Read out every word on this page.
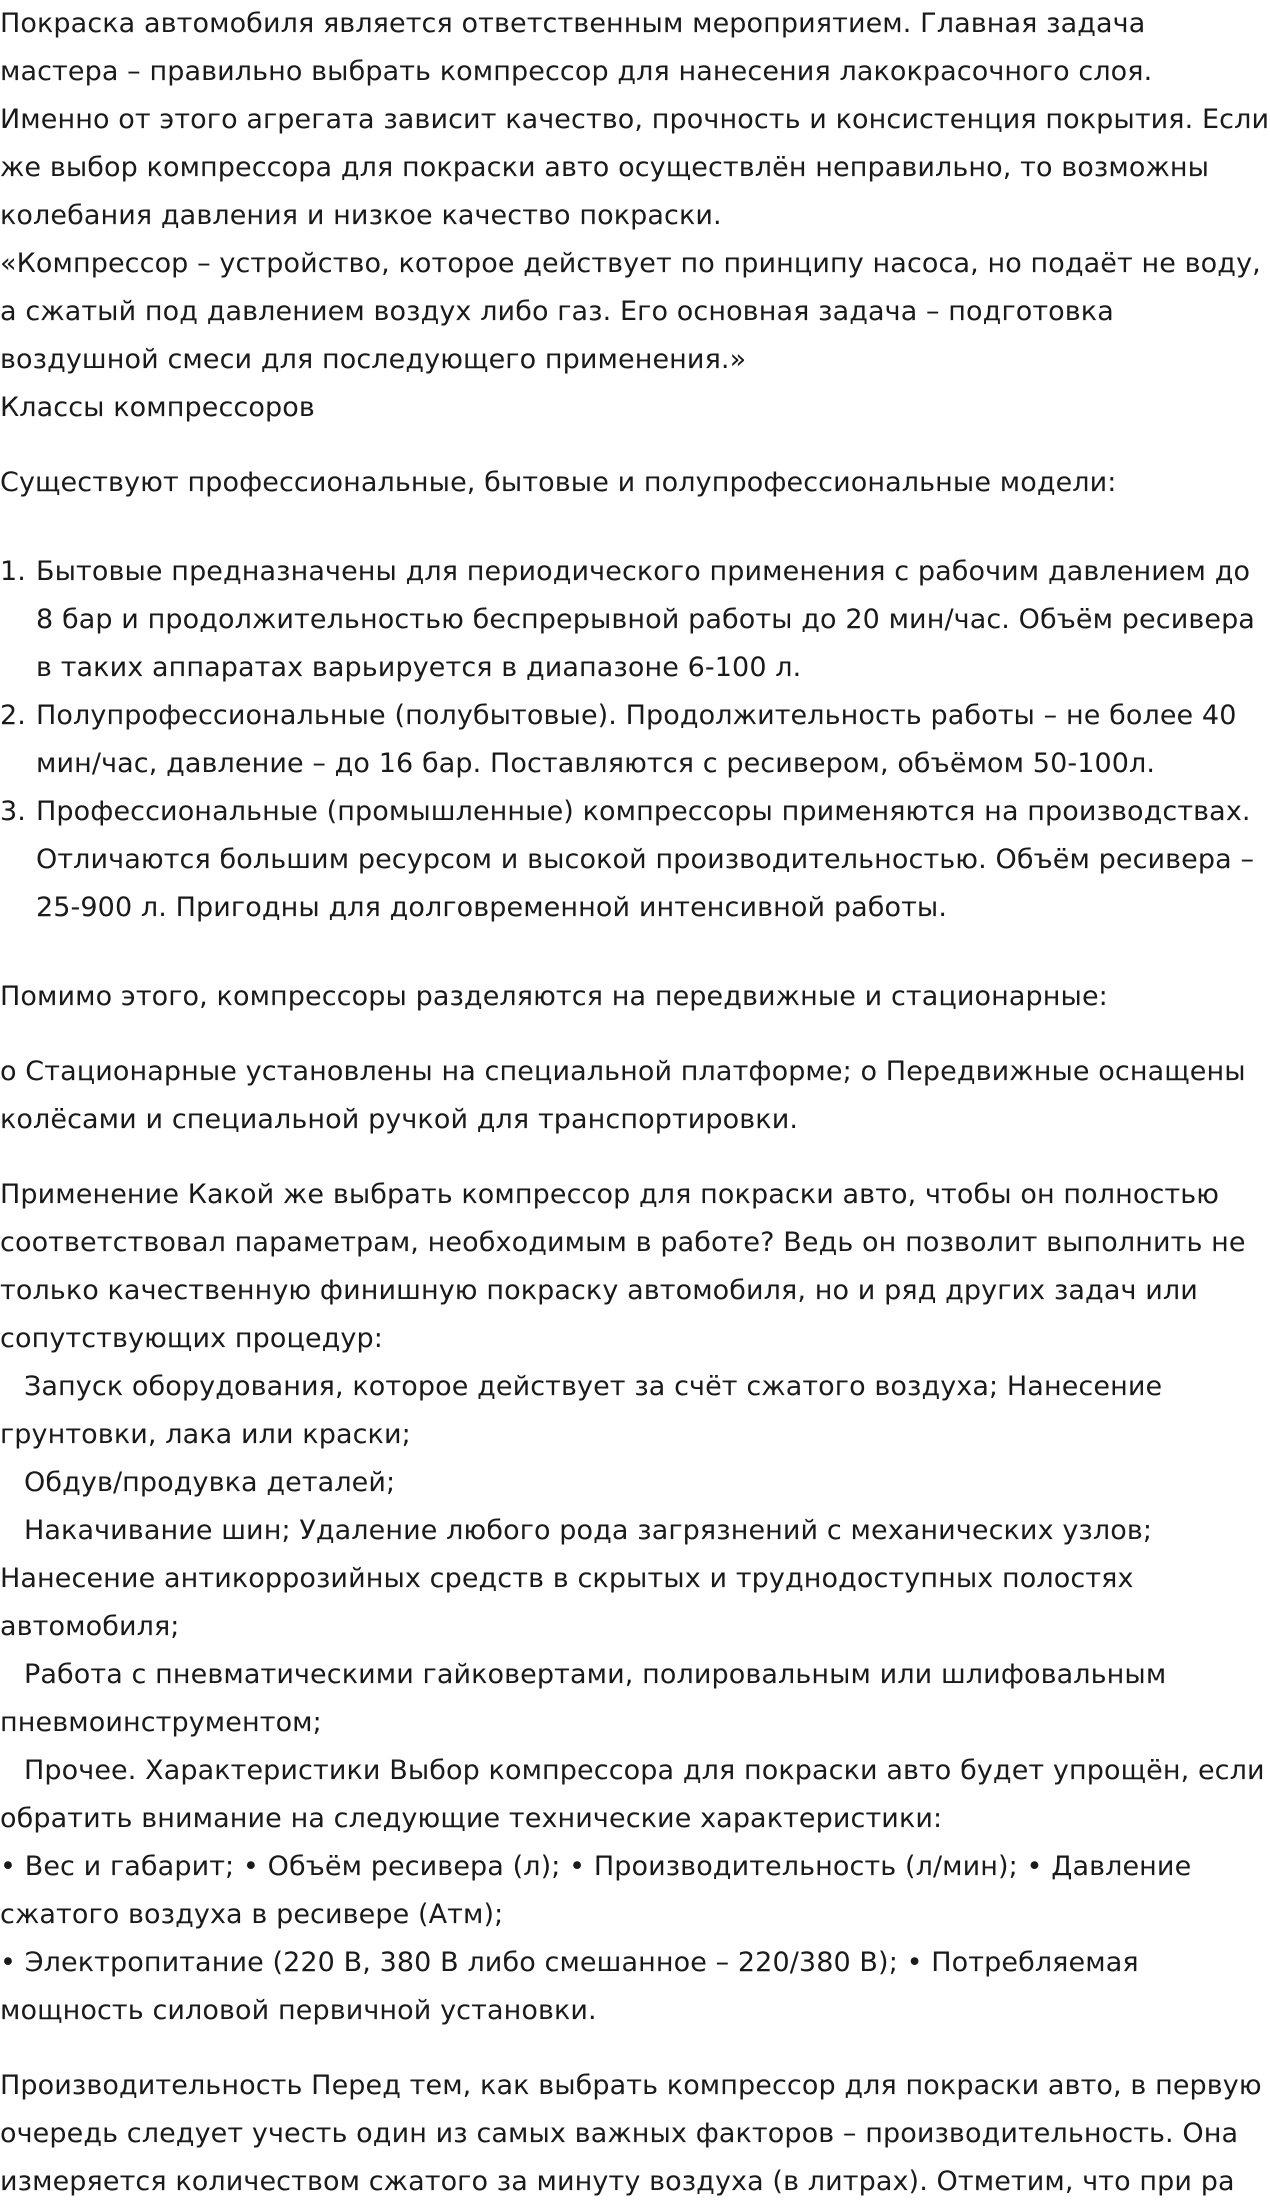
Покраска автомобиля является ответственным мероприятием. Главная задача мастера – правильно выбрать компрессор для нанесения лакокрасочного слоя. Именно от этого агрегата зависит качество, прочность и консистенция покрытия. Если же выбор компрессора для покраски авто осуществлён неправильно, то возможны колебания давления и низкое качество покраски.

«Компрессор – устройство, которое действует по принципу насоса, но подаёт не воду, а сжатый под давлением воздух либо газ. Его основная задача – подготовка воздушной смеси для последующего применения.»

Классы компрессоров

Существуют профессиональные, бытовые и полупрофессиональные модели:

1. Бытовые предназначены для периодического применения с рабочим давлением до 8 бар и продолжительностью беспрерывной работы до 20 мин/час. Объём ресивера в таких аппаратах варьируется в диапазоне 6-100 л.
2. Полупрофессиональные (полубытовые). Продолжительность работы – не более 40 мин/час, давление – до 16 бар. Поставляются с ресивером, объёмом 50-100л.
3. Профессиональные (промышленные) компрессоры применяются на производствах. Отличаются большим ресурсом и высокой производительностью. Объём ресивера – 25-900 л. Пригодны для долговременной интенсивной работы.

Помимо этого, компрессоры разделяются на передвижные и стационарные:

o Стационарные установлены на специальной платформе; o Передвижные оснащены колёсами и специальной ручкой для транспортировки.

Применение Какой же выбрать компрессор для покраски авто, чтобы он полностью соответствовал параметрам, необходимым в работе? Ведь он позволит выполнить не только качественную финишную покраску автомобиля, но и ряд других задач или сопутствующих процедур:

Запуск оборудования, которое действует за счёт сжатого воздуха; Нанесение грунтовки, лака или краски;

Обдув/продувка деталей;

Накачивание шин; Удаление любого рода загрязнений с механических узлов; Нанесение антикоррозийных средств в скрытых и труднодоступных полостях автомобиля;

Работа с пневматическими гайковертами, полировальным или шлифовальным пневмоинструментом;

Прочее. Характеристики Выбор компрессора для покраски авто будет упрощён, если обратить внимание на следующие технические характеристики:

• Вес и габарит; • Объём ресивера (л); • Производительность (л/мин); • Давление сжатого воздуха в ресивере (Атм);

• Электропитание (220 В, 380 В либо смешанное – 220/380 В); • Потребляемая мощность силовой первичной установки.

Производительность Перед тем, как выбрать компрессор для покраски авто, в первую очередь следует учесть один из самых важных факторов – производительность. Она измеряется количеством сжатого за минуту воздуха (в литрах). Отметим, что при ра
